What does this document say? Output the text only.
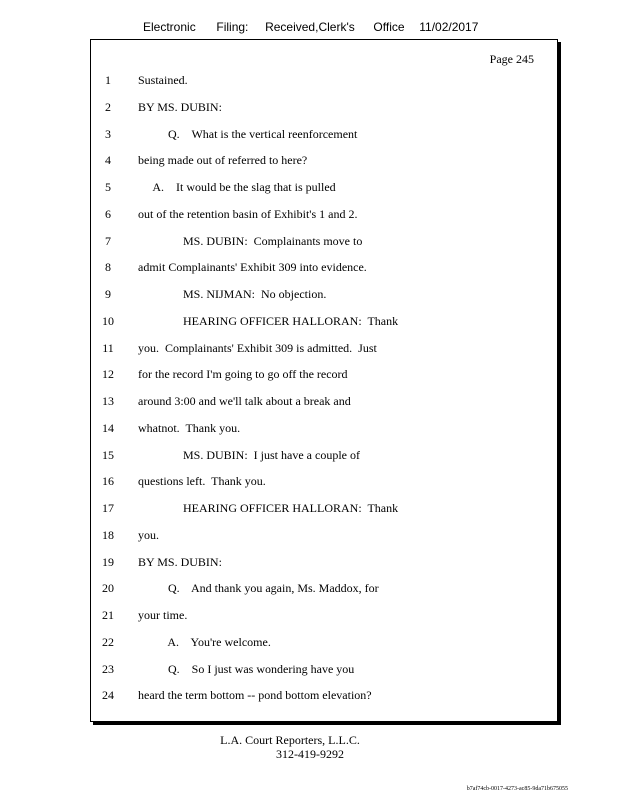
Electronic Filing: Received,Clerk's Office 11/02/2017
Page 245
1	Sustained.
2	BY MS. DUBIN:
3	Q.    What is the vertical reenforcement
4	being made out of referred to here?
5	A.    It would be the slag that is pulled
6	out of the retention basin of Exhibit's 1 and 2.
7	MS. DUBIN:  Complainants move to
8	admit Complainants' Exhibit 309 into evidence.
9	MS. NIJMAN:  No objection.
10	HEARING OFFICER HALLORAN:  Thank
11	you.  Complainants' Exhibit 309 is admitted.  Just
12	for the record I'm going to go off the record
13	around 3:00 and we'll talk about a break and
14	whatnot.  Thank you.
15	MS. DUBIN:  I just have a couple of
16	questions left.  Thank you.
17	HEARING OFFICER HALLORAN:  Thank
18	you.
19	BY MS. DUBIN:
20	Q.    And thank you again, Ms. Maddox, for
21	your time.
22	A.    You're welcome.
23	Q.    So I just was wondering have you
24	heard the term bottom -- pond bottom elevation?
L.A. Court Reporters, L.L.C.
312-419-9292
b7af74cb-0017-4273-ac85-9da71b675055
